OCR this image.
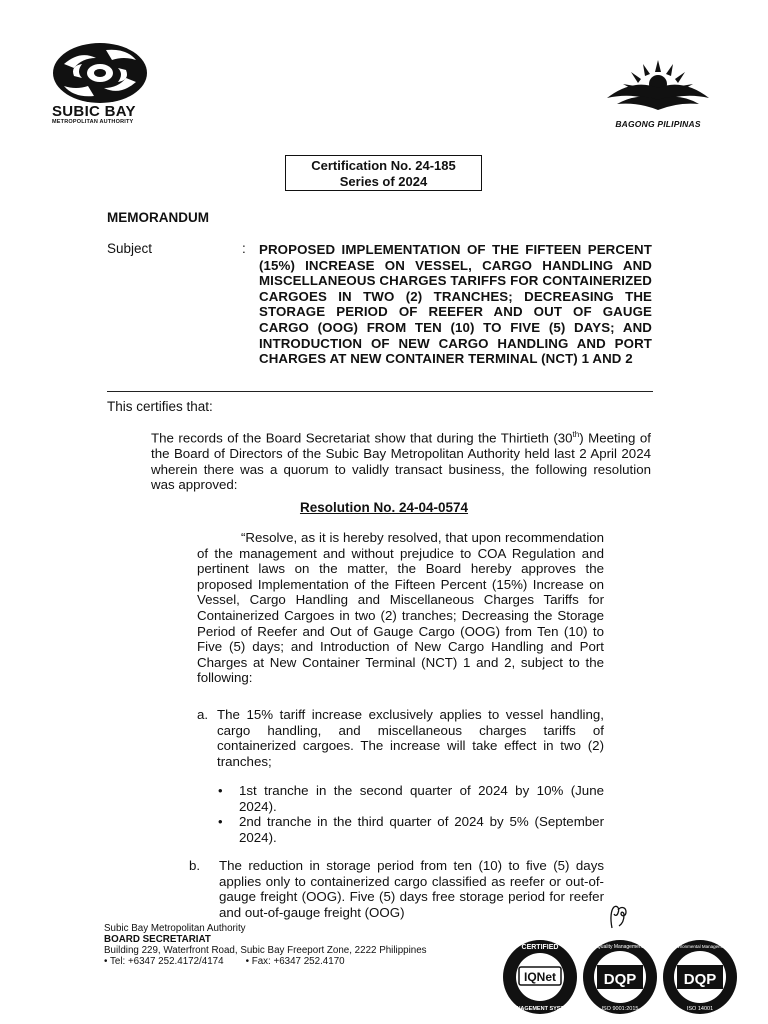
SUBIC BAY
METROPOLITAN AUTHORITY	BAGONG PILIPINAS
Certification No. 24-185
Series of 2024
MEMORANDUM
Subject	: PROPOSED IMPLEMENTATION OF THE FIFTEEN PERCENT (15%) INCREASE ON VESSEL, CARGO HANDLING AND MISCELLANEOUS CHARGES TARIFFS FOR CONTAINERIZED CARGOES IN TWO (2) TRANCHES; DECREASING THE STORAGE PERIOD OF REEFER AND OUT OF GAUGE CARGO (OOG) FROM TEN (10) TO FIVE (5) DAYS; AND INTRODUCTION OF NEW CARGO HANDLING AND PORT CHARGES AT NEW CONTAINER TERMINAL (NCT) 1 AND 2
This certifies that:
The records of the Board Secretariat show that during the Thirtieth (30th) Meeting of the Board of Directors of the Subic Bay Metropolitan Authority held last 2 April 2024 wherein there was a quorum to validly transact business, the following resolution was approved:
Resolution No. 24-04-0574
“Resolve, as it is hereby resolved, that upon recommendation of the management and without prejudice to COA Regulation and pertinent laws on the matter, the Board hereby approves the proposed Implementation of the Fifteen Percent (15%) Increase on Vessel, Cargo Handling and Miscellaneous Charges Tariffs for Containerized Cargoes in two (2) tranches; Decreasing the Storage Period of Reefer and Out of Gauge Cargo (OOG) from Ten (10) to Five (5) days; and Introduction of New Cargo Handling and Port Charges at New Container Terminal (NCT) 1 and 2, subject to the following:
a. The 15% tariff increase exclusively applies to vessel handling, cargo handling, and miscellaneous charges tariffs of containerized cargoes. The increase will take effect in two (2) tranches;
• 1st tranche in the second quarter of 2024 by 10% (June 2024).
• 2nd tranche in the third quarter of 2024 by 5% (September 2024).
b. The reduction in storage period from ten (10) to five (5) days applies only to containerized cargo classified as reefer or out-of-gauge freight (OOG). Five (5) days free storage period for reefer and out-of-gauge freight (OOG)
Subic Bay Metropolitan Authority
BOARD SECRETARIAT
Building 229, Waterfront Road, Subic Bay Freeport Zone, 2222 Philippines
• Tel: +6347 252.4172/4174 • Fax: +6347 252.4170
IQNet
CERTIFIED
MANAGEMENT SYSTEM
DQP
Quality Management
ISO 9001:2015
DQP
Environmental Management
ISO 14001
